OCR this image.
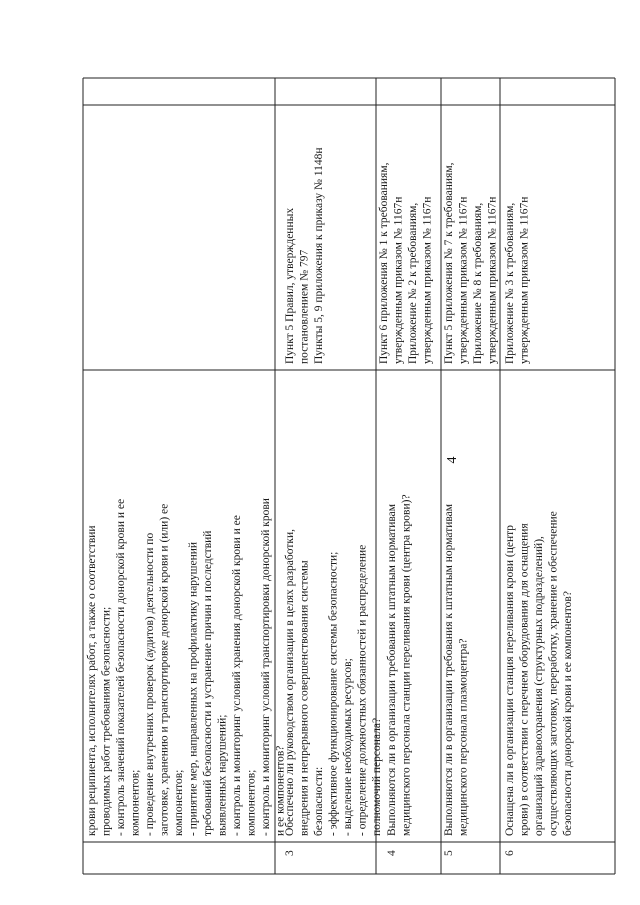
4
крови реципиента, исполнителях работ, а также о соответствии проводимых работ требованиям безопасности; - контроль значений показателей безопасности донорской крови и ее компонентов; - проведение внутренних проверок (аудитов) деятельности по заготовке, хранению и транспортировке донорской крови и (или) ее компонентов; - принятие мер, направленных на профилактику нарушений требований безопасности и устранение причин и последствий выявленных нарушений; - контроль и мониторинг условий хранения донорской крови и ее компонентов; - контроль и мониторинг условий транспортировки донорской крови и ее компонентов?
3
Обеспечено ли руководством организации в целях разработки, внедрения и непрерывного совершенствования системы безопасности: - эффективное функционирование системы безопасности; - выделение необходимых ресурсов; - определение должностных обязанностей и распределение полномочий персонала?
Пункт 5 Правил, утвержденных постановлением № 797 Пункты 5, 9 приложения к приказу № 1148н
4
Выполняются ли в организации требования к штатным нормативам медицинского персонала станции переливания крови (центра крови)?
Пункт 6 приложения № 1 к требованиям, утвержденным приказом № 1167н Приложение № 2 к требованиям, утвержденным приказом № 1167н
5
Выполняются ли в организации требования к штатным нормативам медицинского персонала плазмоцентра?
Пункт 5 приложения № 7 к требованиям, утвержденным приказом № 1167н Приложение № 8 к требованиям, утвержденным приказом № 1167н
6
Оснащена ли в организации станция переливания крови (центр крови) в соответствии с перечнем оборудования для оснащения организаций здравоохранения (структурных подразделений), осуществляющих заготовку, переработку, хранение и обеспечение безопасности донорской крови и ее компонентов?
Приложение № 3 к требованиям, утвержденным приказом № 1167н
